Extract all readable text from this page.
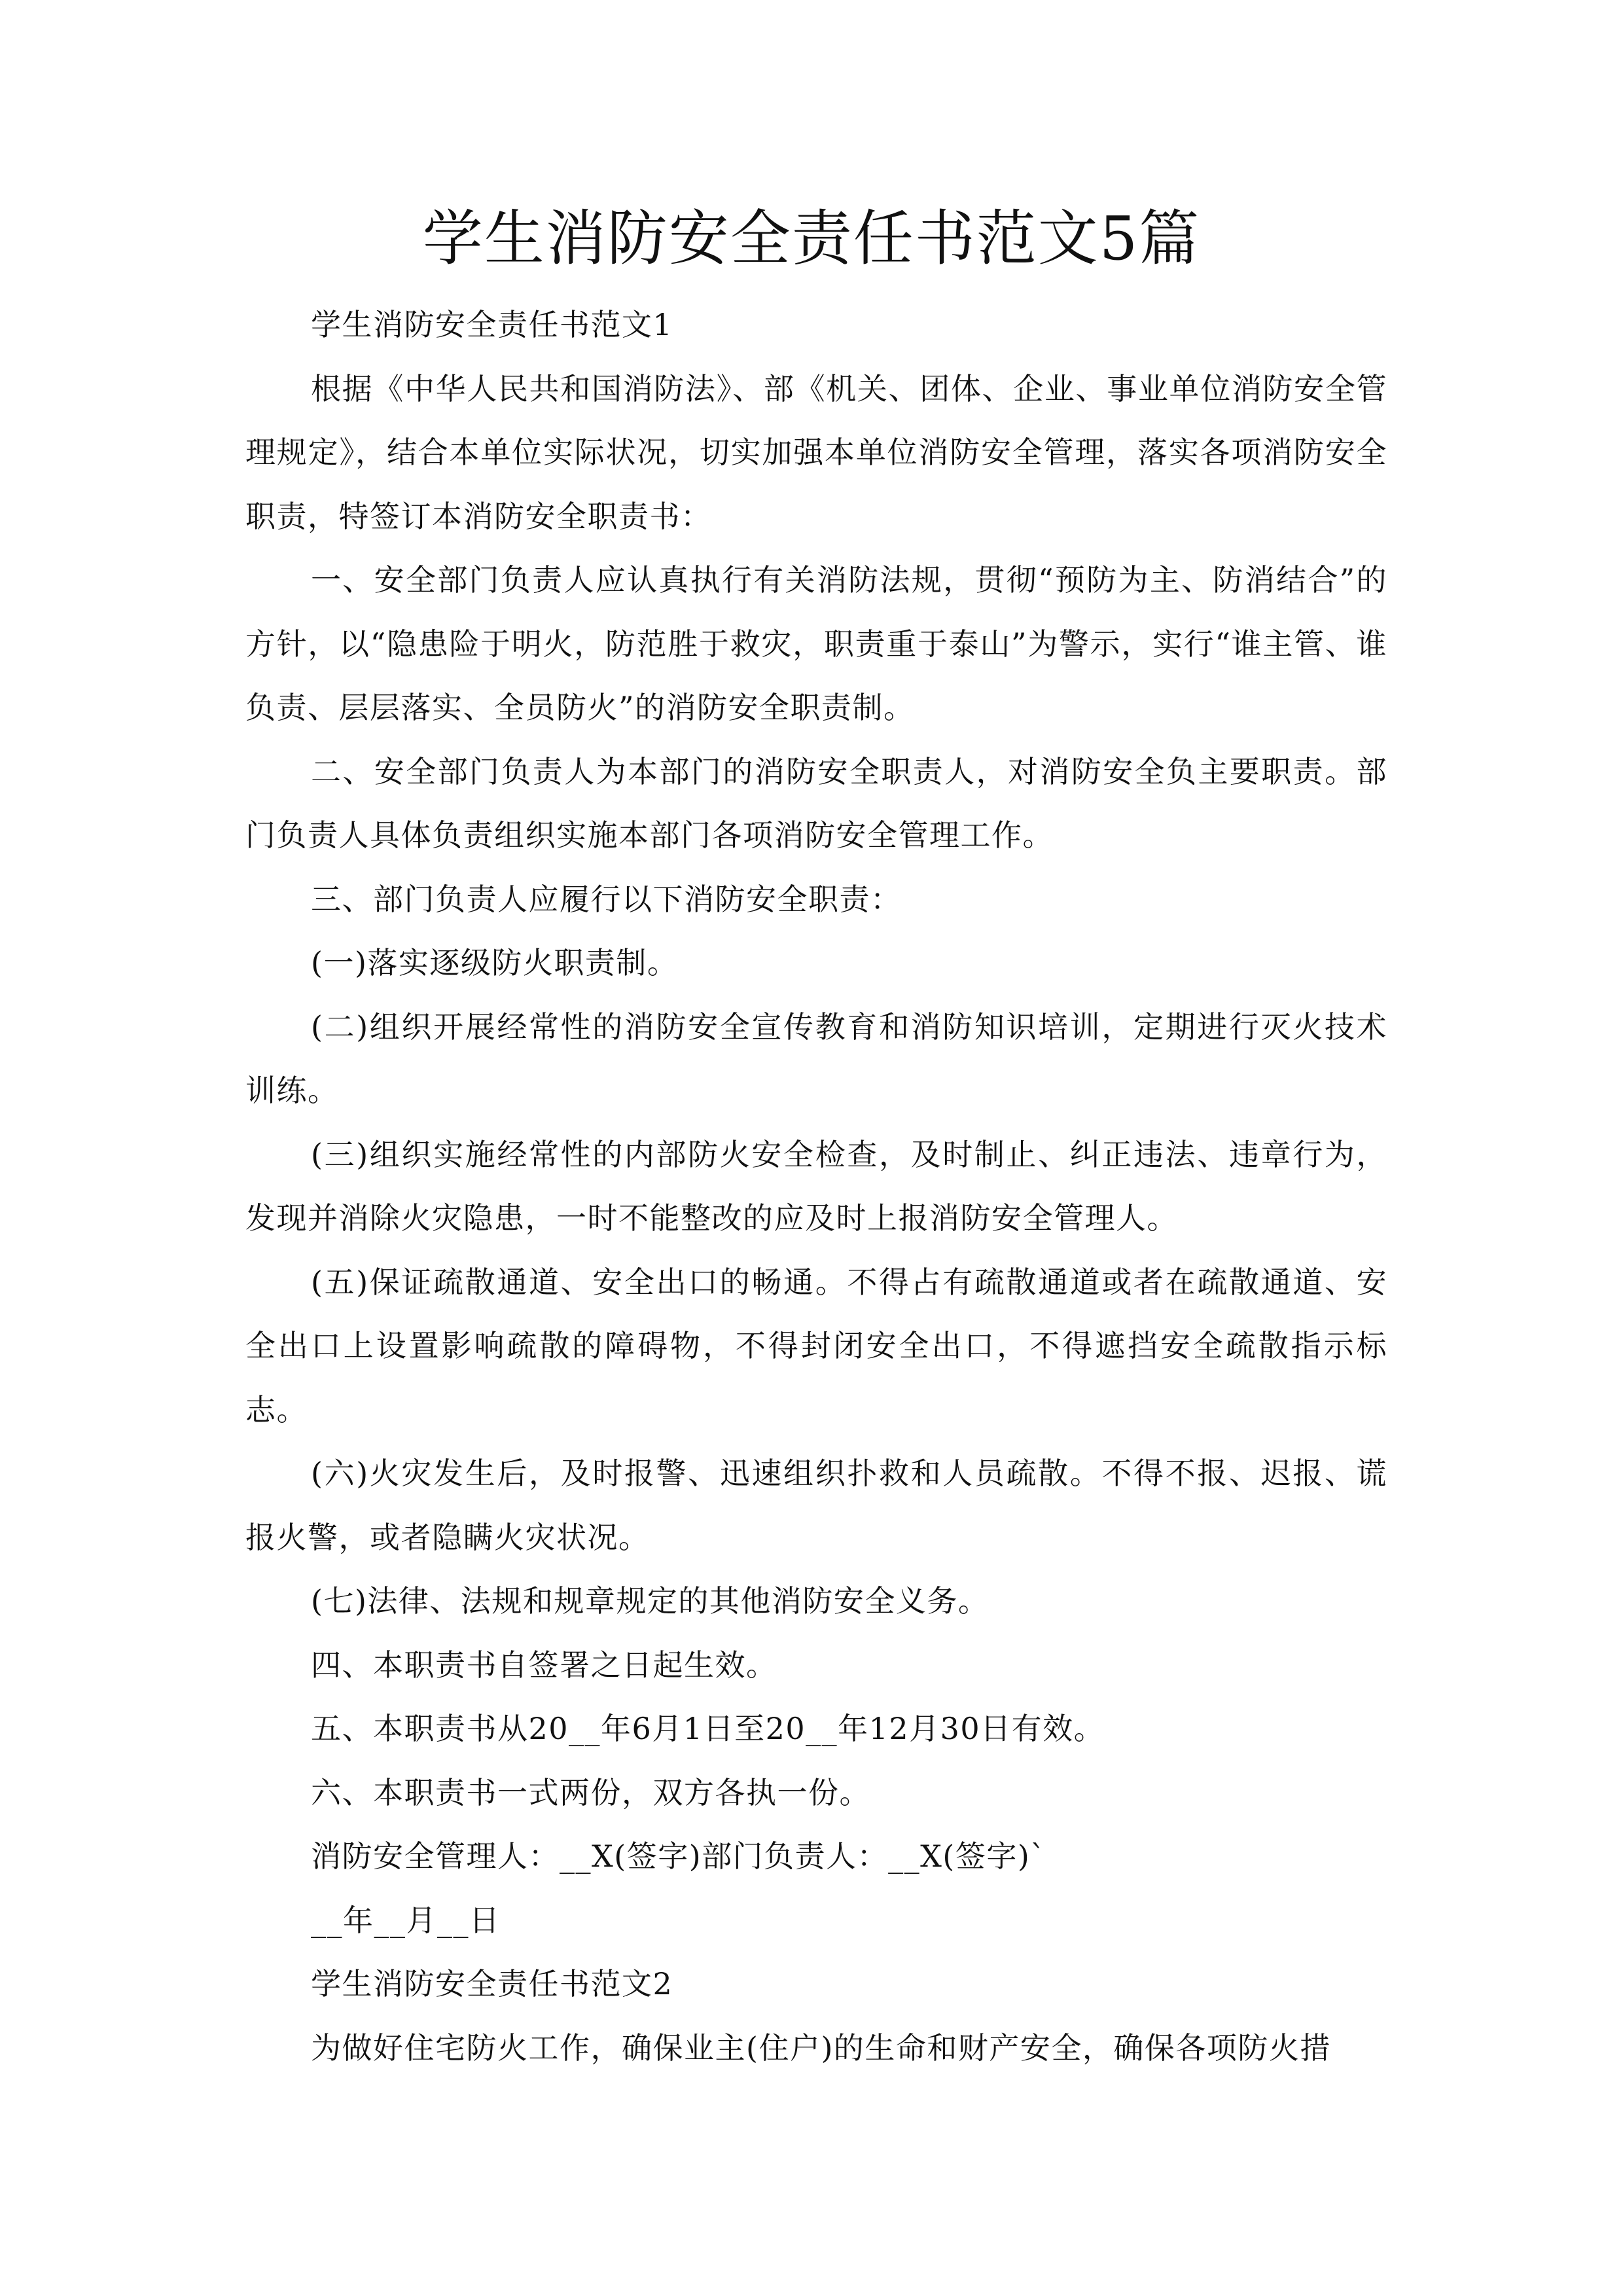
学生消防安全责任书范文5篇

学生消防安全责任书范文1

根据《中华人民共和国消防法》、部《机关、团体、企业、事业单位消防安全管理规定》，结合本单位实际状况，切实加强本单位消防安全管理，落实各项消防安全职责，特签订本消防安全职责书：

一、安全部门负责人应认真执行有关消防法规，贯彻“预防为主、防消结合”的方针，以“隐患险于明火，防范胜于救灾，职责重于泰山”为警示，实行“谁主管、谁负责、层层落实、全员防火”的消防安全职责制。

二、安全部门负责人为本部门的消防安全职责人，对消防安全负主要职责。部门负责人具体负责组织实施本部门各项消防安全管理工作。

三、部门负责人应履行以下消防安全职责：

(一)落实逐级防火职责制。

(二)组织开展经常性的消防安全宣传教育和消防知识培训，定期进行灭火技术训练。

(三)组织实施经常性的内部防火安全检查，及时制止、纠正违法、违章行为，发现并消除火灾隐患，一时不能整改的应及时上报消防安全管理人。

(五)保证疏散通道、安全出口的畅通。不得占有疏散通道或者在疏散通道、安全出口上设置影响疏散的障碍物，不得封闭安全出口，不得遮挡安全疏散指示标志。

(六)火灾发生后，及时报警、迅速组织扑救和人员疏散。不得不报、迟报、谎报火警，或者隐瞒火灾状况。

(七)法律、法规和规章规定的其他消防安全义务。

四、本职责书自签署之日起生效。

五、本职责书从20__年6月1日至20__年12月30日有效。

六、本职责书一式两份，双方各执一份。

消防安全管理人：__X(签字)部门负责人：__X(签字)`

__年__月__日

学生消防安全责任书范文2

为做好住宅防火工作，确保业主(住户)的生命和财产安全，确保各项防火措
